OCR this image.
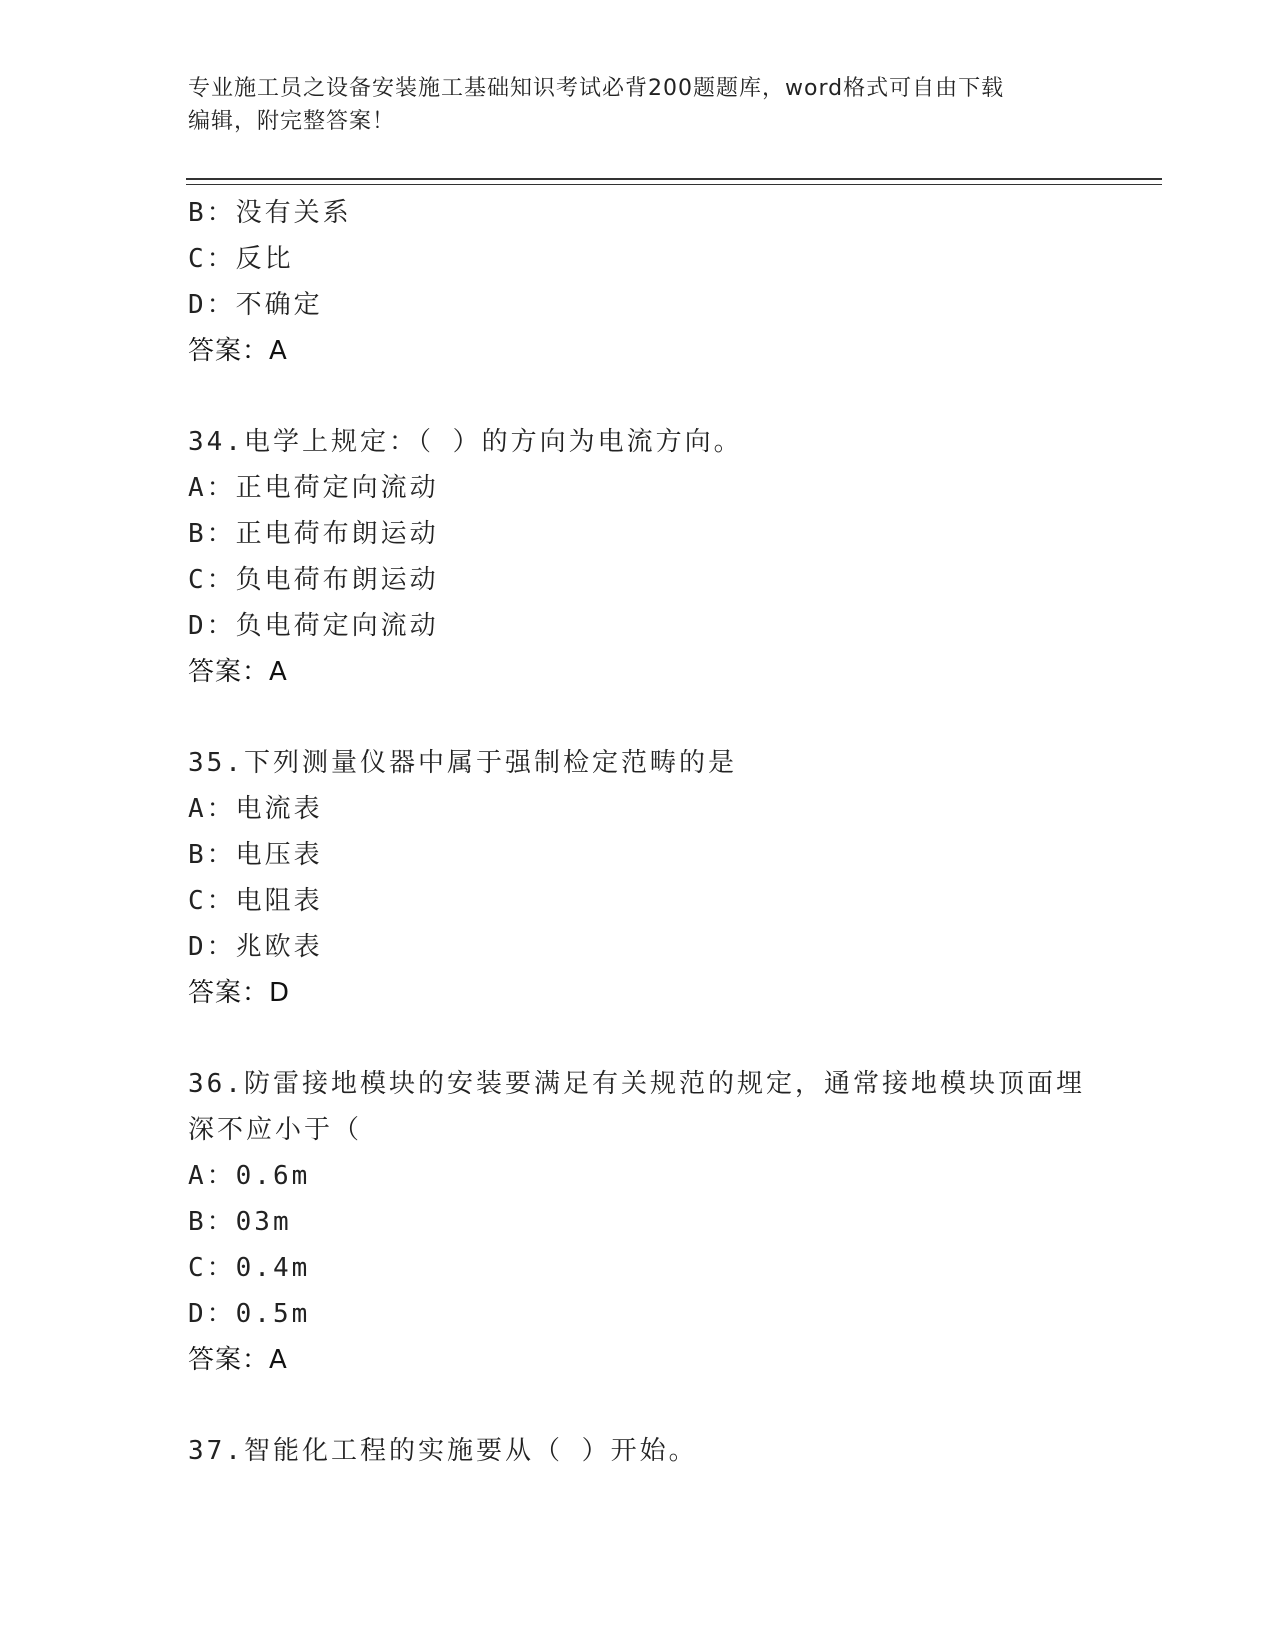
专业施工员之设备安装施工基础知识考试必背200题题库，word格式可自由下载
编辑，附完整答案！
B：没有关系
C：反比
D：不确定
答案：A
34.电学上规定：（ ）的方向为电流方向。
A：正电荷定向流动
B：正电荷布朗运动
C：负电荷布朗运动
D：负电荷定向流动
答案：A
35.下列测量仪器中属于强制检定范畴的是
A：电流表
B：电压表
C：电阻表
D：兆欧表
答案：D
36.防雷接地模块的安装要满足有关规范的规定，通常接地模块顶面埋
深不应小于（
A：0.6m
B：03m
C：0.4m
D：0.5m
答案：A
37.智能化工程的实施要从（ ）开始。
